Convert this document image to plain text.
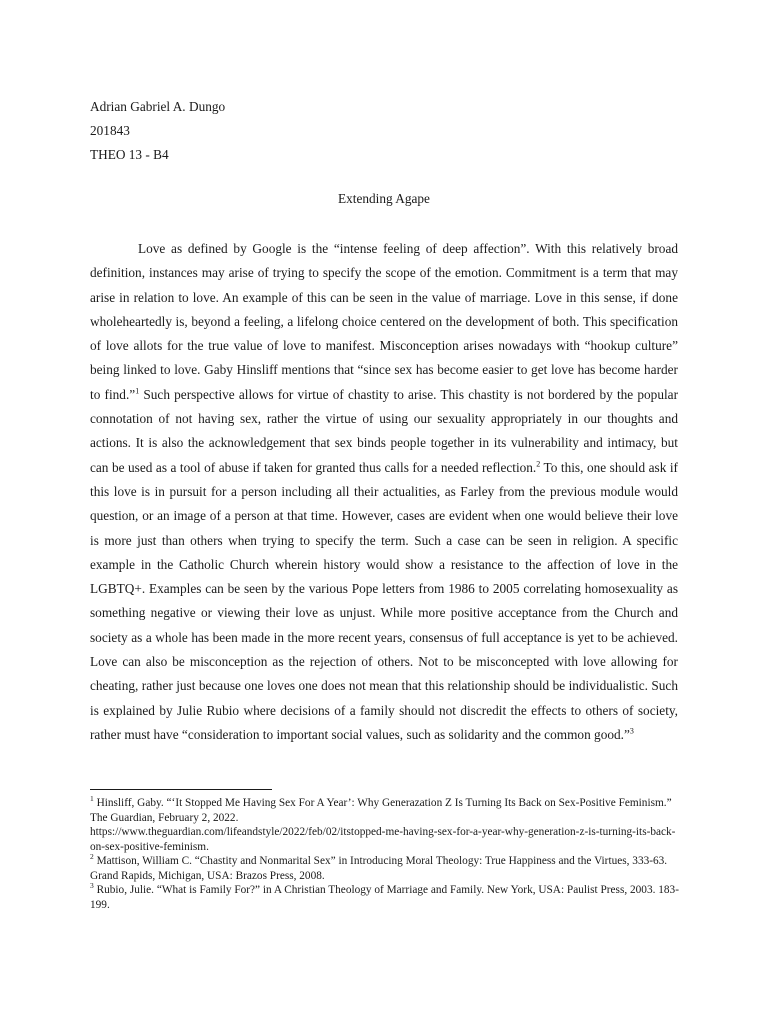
Adrian Gabriel A. Dungo
201843
THEO 13 - B4
Extending Agape

Love as defined by Google is the “intense feeling of deep affection”. With this relatively broad definition, instances may arise of trying to specify the scope of the emotion. Commitment is a term that may arise in relation to love. An example of this can be seen in the value of marriage. Love in this sense, if done wholeheartedly is, beyond a feeling, a lifelong choice centered on the development of both. This specification of love allots for the true value of love to manifest. Misconception arises nowadays with “hookup culture” being linked to love. Gaby Hinsliff mentions that “since sex has become easier to get love has become harder to find.”$^1$ Such perspective allows for virtue of chastity to arise. This chastity is not bordered by the popular connotation of not having sex, rather the virtue of using our sexuality appropriately in our thoughts and actions. It is also the acknowledgement that sex binds people together in its vulnerability and intimacy, but can be used as a tool of abuse if taken for granted thus calls for a needed reflection.$^2$ To this, one should ask if this love is in pursuit for a person including all their actualities, as Farley from the previous module would question, or an image of a person at that time. However, cases are evident when one would believe their love is more just than others when trying to specify the term. Such a case can be seen in religion. A specific example in the Catholic Church wherein history would show a resistance to the affection of love in the LGBTQ+. Examples can be seen by the various Pope letters from 1986 to 2005 correlating homosexuality as something negative or viewing their love as unjust. While more positive acceptance from the Church and society as a whole has been made in the more recent years, consensus of full acceptance is yet to be achieved. Love can also be misconception as the rejection of others. Not to be misconcepted with love allowing for cheating, rather just because one loves one does not mean that this relationship should be individualistic. Such is explained by Julie Rubio where decisions of a family should not discredit the effects to others of society, rather must have “consideration to important social values, such as solidarity and the common good.”$^3$

$^1$ Hinsliff, Gaby. “‘It Stopped Me Having Sex For A Year’: Why Generazation Z Is Turning Its Back on Sex-Positive Feminism.” The Guardian, February 2, 2022.
https://www.theguardian.com/lifeandstyle/2022/feb/02/itstopped-me-having-sex-for-a-year-why-generation-z-is-turning-its-back-on-sex-positive-feminism.

$^2$ Mattison, William C. “Chastity and Nonmarital Sex” in Introducing Moral Theology: True Happiness and the Virtues, 333-63. Grand Rapids, Michigan, USA: Brazos Press, 2008.

$^3$ Rubio, Julie. “What is Family For?” in A Christian Theology of Marriage and Family. New York, USA: Paulist Press, 2003. 183-199.
